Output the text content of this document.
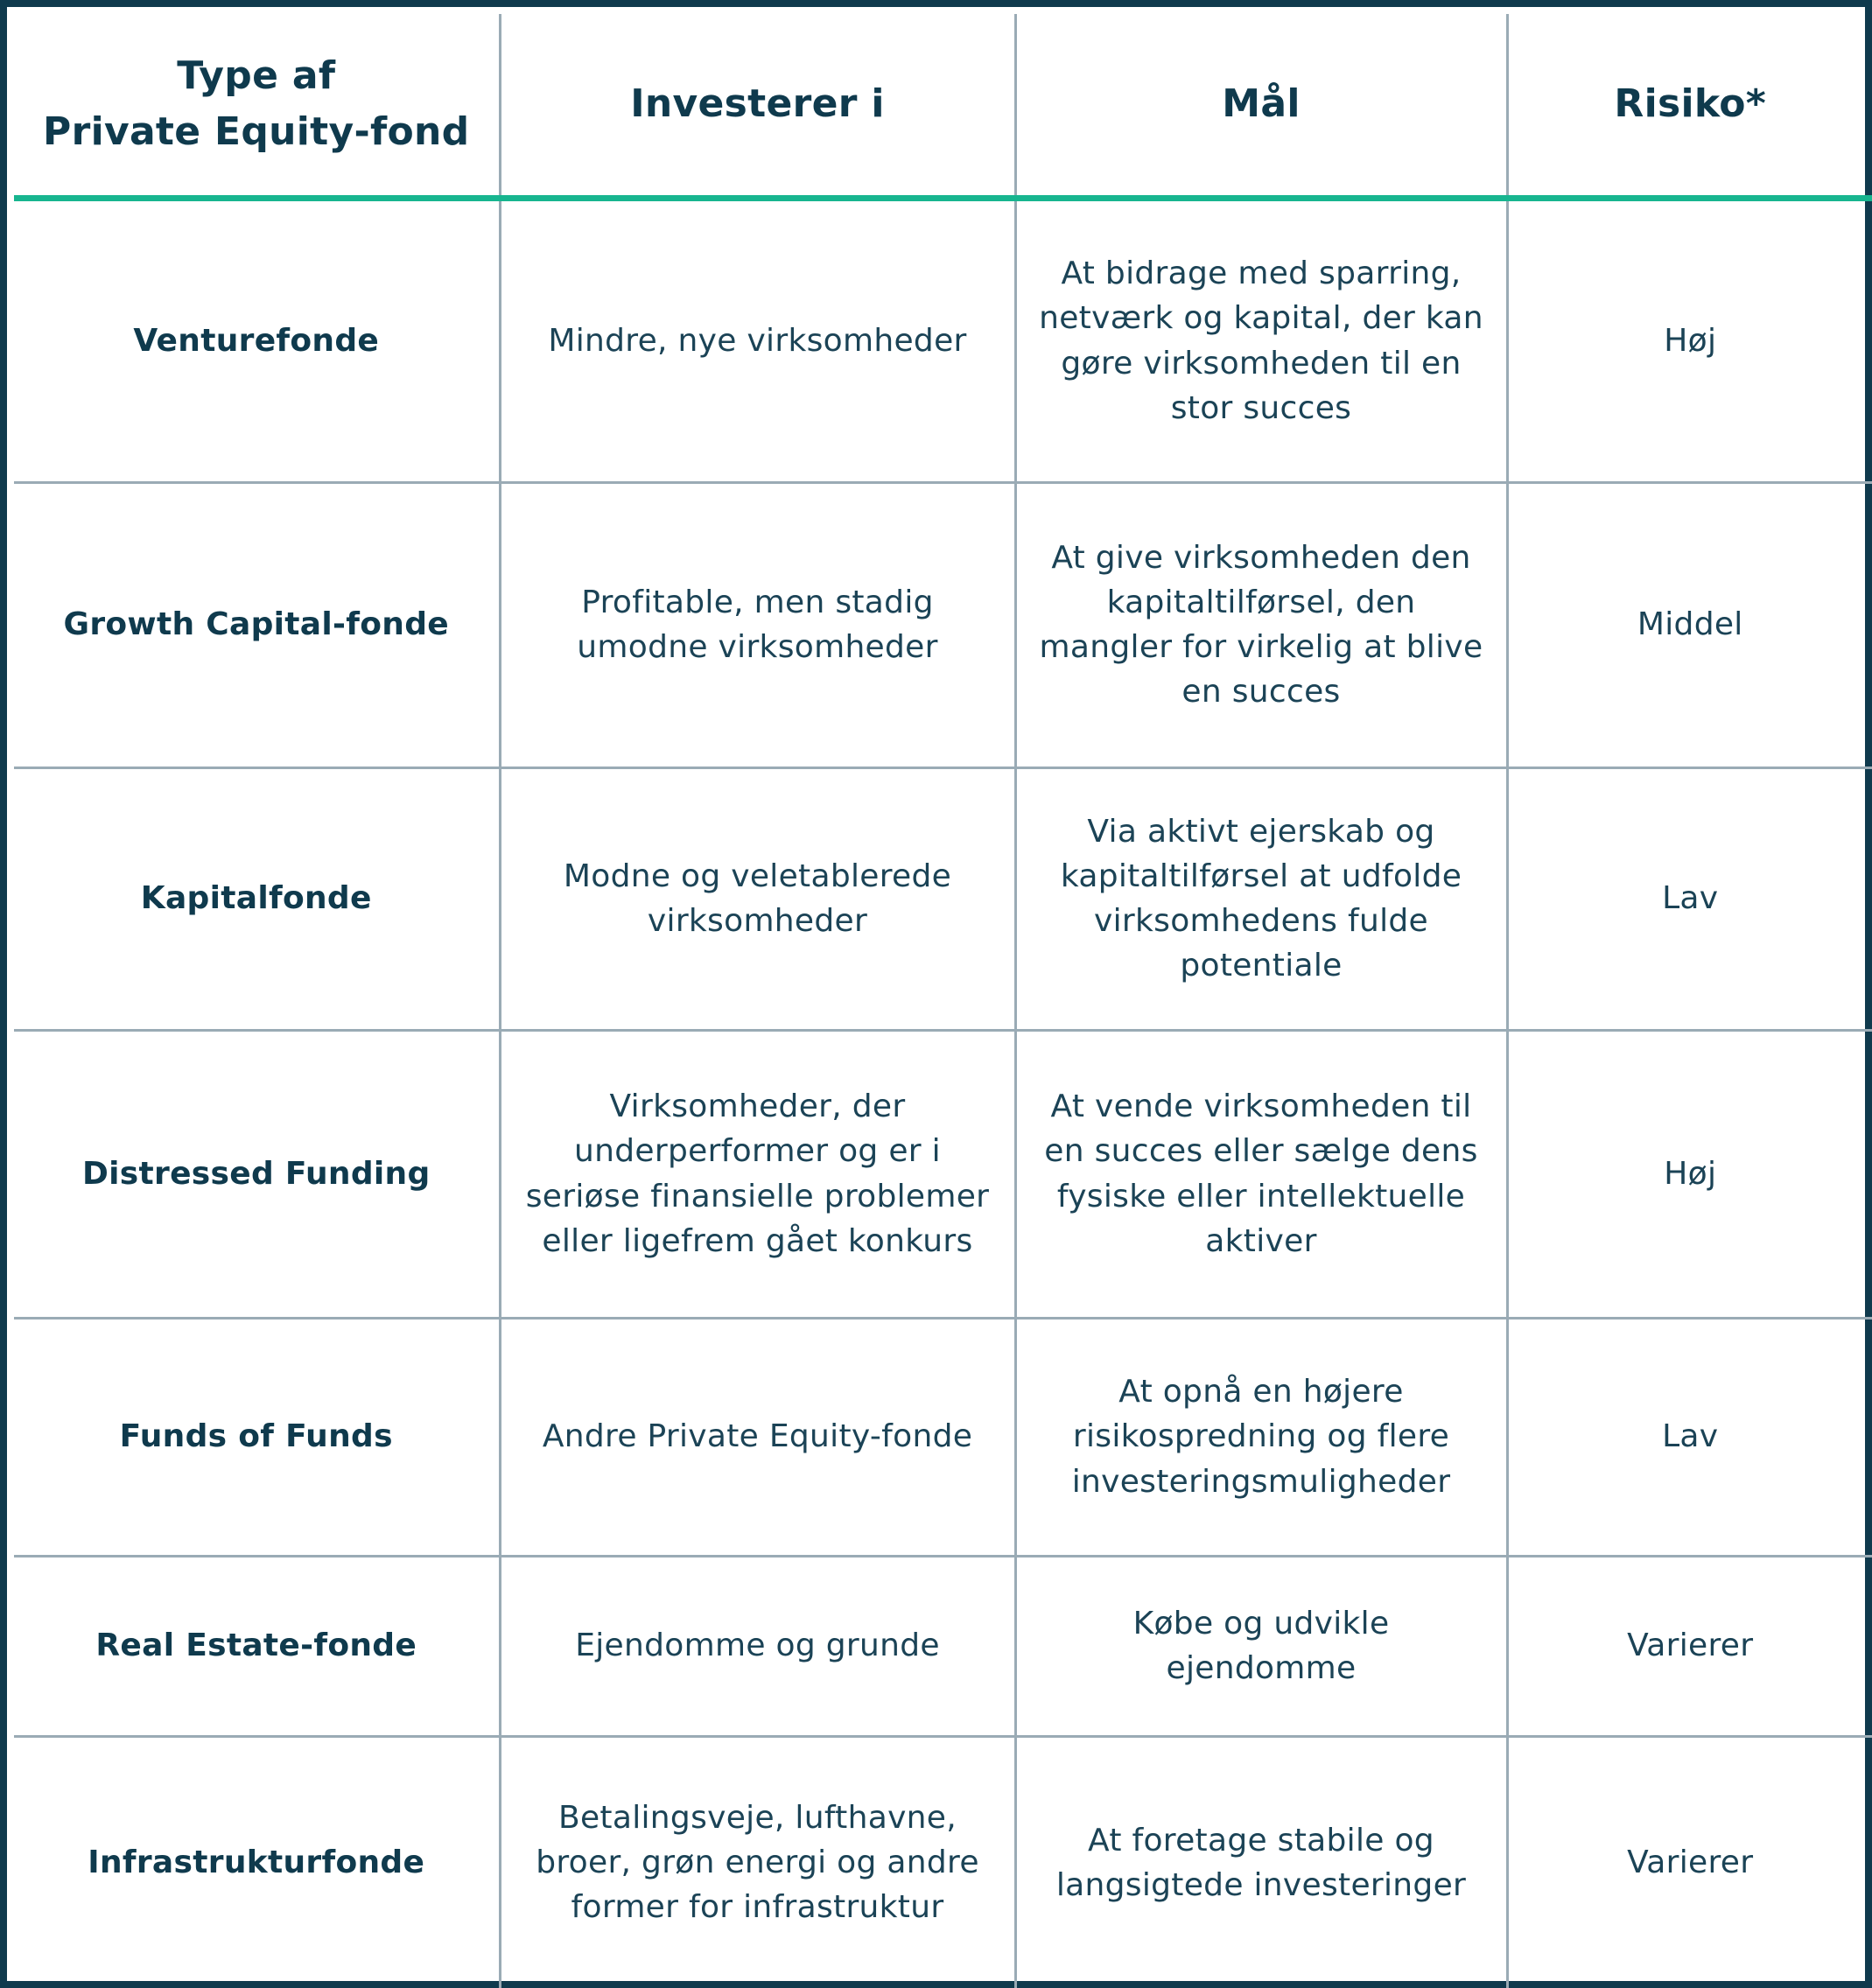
Type af
Private Equity-fond	Investerer i	Mål	Risiko*
Venturefonde	Mindre, nye virksomheder	At bidrage med sparring, netværk og kapital, der kan gøre virksomheden til en stor succes	Høj
Growth Capital-fonde	Profitable, men stadig umodne virksomheder	At give virksomheden den kapitaltilførsel, den mangler for virkelig at blive en succes	Middel
Kapitalfonde	Modne og veletablerede virksomheder	Via aktivt ejerskab og kapitaltilførsel at udfolde virksomhedens fulde potentiale	Lav
Distressed Funding	Virksomheder, der underperformer og er i seriøse finansielle problemer eller ligefrem gået konkurs	At vende virksomheden til en succes eller sælge dens fysiske eller intellektuelle aktiver	Høj
Funds of Funds	Andre Private Equity-fonde	At opnå en højere risikospredning og flere investeringsmuligheder	Lav
Real Estate-fonde	Ejendomme og grunde	Købe og udvikle ejendomme	Varierer
Infrastrukturfonde	Betalingsveje, lufthavne, broer, grøn energi og andre former for infrastruktur	At foretage stabile og langsigtede investeringer	Varierer
